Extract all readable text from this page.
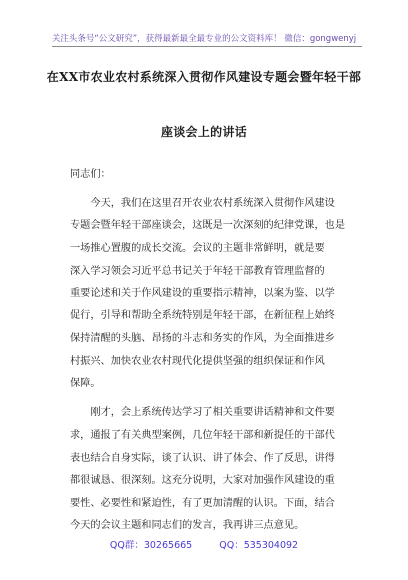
关注头条号“公文研究”，获得最新最全最专业的公文资料库！ 微信：gongwenyj
在XX市农业农村系统深入贯彻作风建设专题会暨年轻干部
座谈会上的讲话
同志们：
　　今天，我们在这里召开农业农村系统深入贯彻作风建设
专题会暨年轻干部座谈会，这既是一次深刻的纪律党课，也是
一场推心置腹的成长交流。会议的主题非常鲜明，就是要
深入学习领会习近平总书记关于年轻干部教育管理监督的
重要论述和关于作风建设的重要指示精神，以案为鉴、以学
促行，引导和帮助全系统特别是年轻干部，在新征程上始终
保持清醒的头脑、昂扬的斗志和务实的作风，为全面推进乡
村振兴、加快农业农村现代化提供坚强的组织保证和作风
保障。
　　刚才，会上系统传达学习了相关重要讲话精神和文件要
求，通报了有关典型案例，几位年轻干部和新提任的干部代
表也结合自身实际，谈了认识、讲了体会、作了反思，讲得
都很诚恳、很深刻。这充分说明，大家对加强作风建设的重
要性、必要性和紧迫性，有了更加清醒的认识。下面，结合
今天的会议主题和同志们的发言，我再讲三点意见。
QQ群：30265665	QQ：535304092
